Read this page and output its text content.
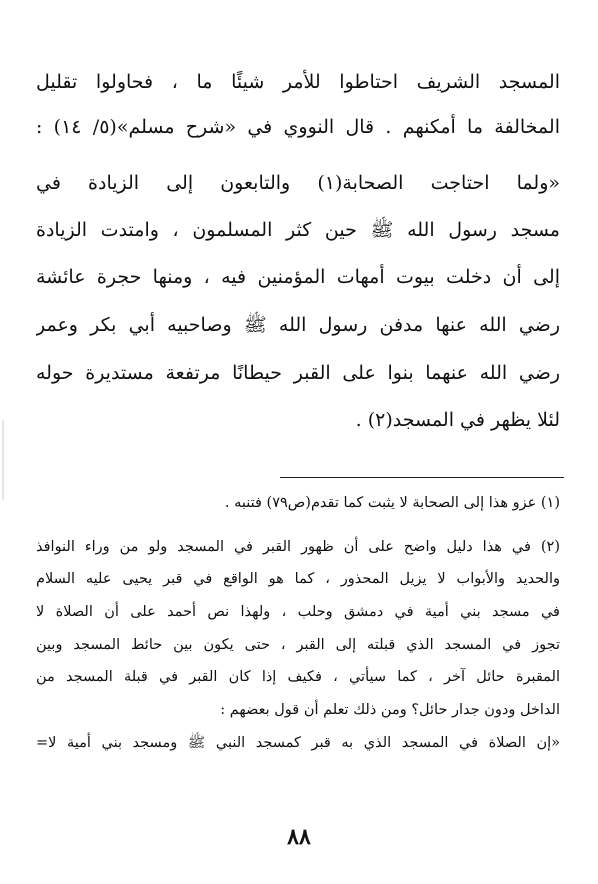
المسجد الشريف احتاطوا للأمر شيئًا ما ، فحاولوا تقليل
المخالفة ما أمكنهم . قال النووي في «شرح مسلم»(٥/ ١٤) :
«ولما احتاجت الصحابة(١) والتابعون إلى الزيادة في
مسجد رسول الله ﷺ حين كثر المسلمون ، وامتدت الزيادة
إلى أن دخلت بيوت أمهات المؤمنين فيه ، ومنها حجرة عائشة
رضي الله عنها مدفن رسول الله ﷺ وصاحبيه أبي بكر وعمر
رضي الله عنهما بنوا على القبر حيطانًا مرتفعة مستديرة حوله
لئلا يظهر في المسجد(٢) .
(١) عزو هذا إلى الصحابة لا يثبت كما تقدم(ص٧٩) فتنبه .
(٢) في هذا دليل واضح على أن ظهور القبر في المسجد ولو من وراء النوافذ
والحديد والأبواب لا يزيل المحذور ، كما هو الواقع في قبر يحيى عليه السلام
في مسجد بني أمية في دمشق وحلب ، ولهذا نص أحمد على أن الصلاة لا
تجوز في المسجد الذي قبلته إلى القبر ، حتى يكون بين حائط المسجد وبين
المقبرة حائل آخر ، كما سيأتي ، فكيف إذا كان القبر في قبلة المسجد من
الداخل ودون جدار حائل؟ ومن ذلك تعلم أن قول بعضهم :
«إن الصلاة في المسجد الذي به قبر كمسجد النبي ﷺ ومسجد بني أمية لا=
٨٨
